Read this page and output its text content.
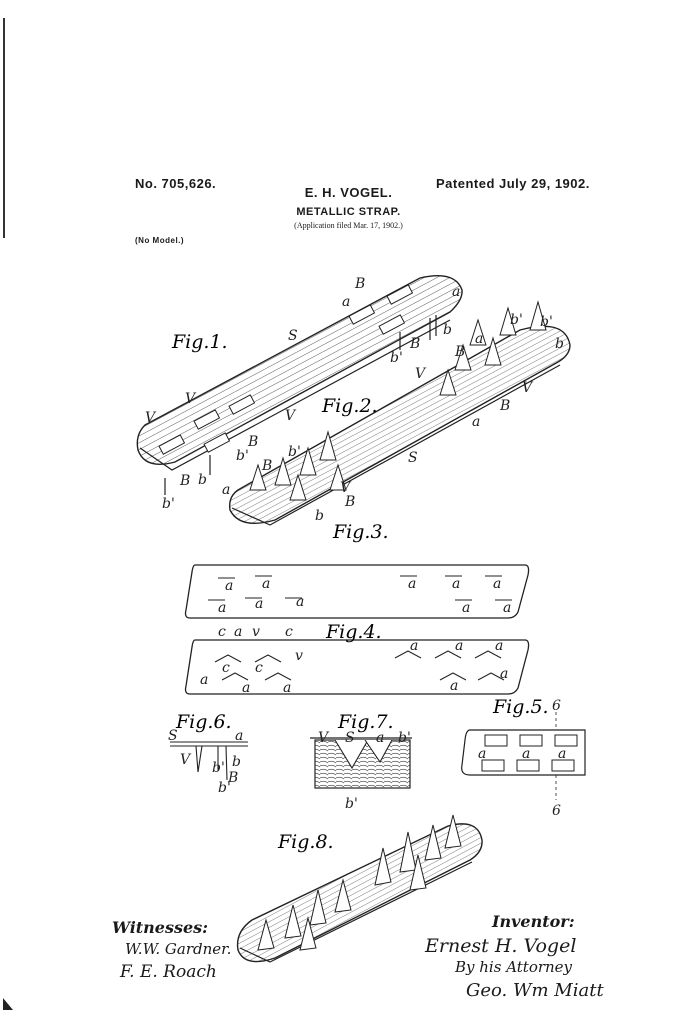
No. 705,626.	Patented July 29, 1902.
E. H. VOGEL.
METALLIC STRAP.
(Application filed Mar. 17, 1902.)
(No Model.)
Fig.1.
Fig.2.
Fig.3.
Fig.4.
Fig.5.
Fig.6.	Fig.7.
Fig.8.
B
a
a
S	b
B
b'
V
V	V
B
b'
B b
b'
a
b' b'
b
B
V
V
B
a
S
b'
B
a	V
B
b
a a
a a a
a	a a
a a
c a v c
c c
a a a
v
a	a a
a
a
S	a
V b' b
B
b'
V S a b'
b'
a	a a
6
6
Witnesses:
W.W. Gardner.
F. E. Roach
Inventor:
Ernest H. Vogel
By his Attorney
Geo. Wm Miatt
